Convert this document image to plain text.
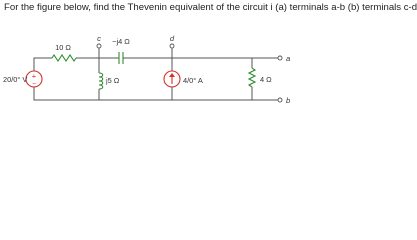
For the figure below, find the Thevenin equivalent of the circuit i (a) terminals a-b (b) terminals c-d
+
−
10 Ω
−j4 Ω
j5 Ω	4/0° A	4 Ω
20/0° V
c	d
a
b
